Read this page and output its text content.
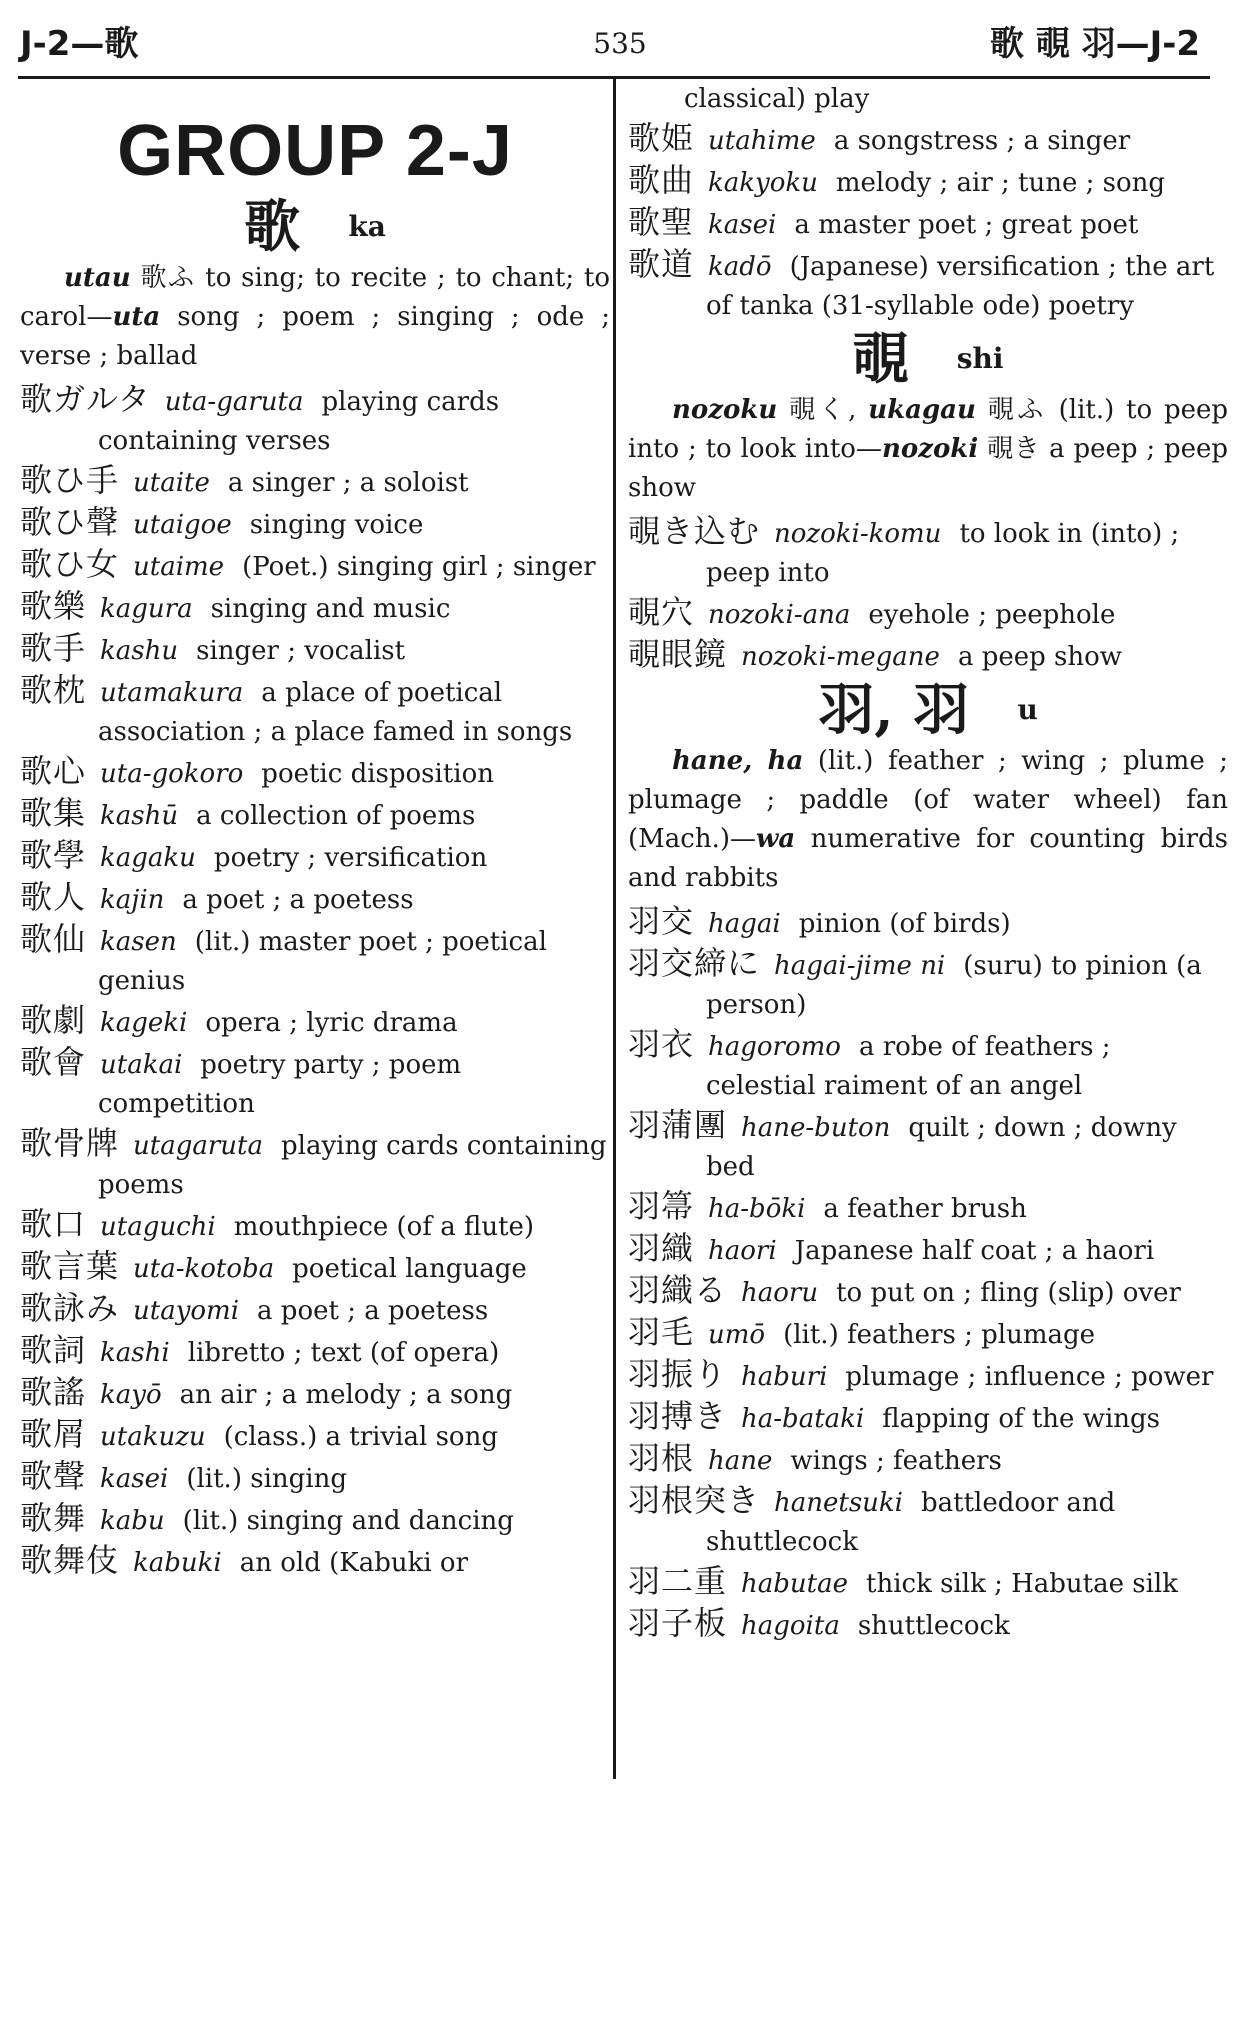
J-2—歌	535	歌 覗 羽—J-2
GROUP 2-J
歌 ka

utau 歌ふ to sing; to recite ; to chant; to carol—uta song ; poem ; singing ; ode ; verse ; ballad

歌ガルタ uta-garuta playing cards containing verses

歌ひ手 utaite a singer ; a soloist

歌ひ聲 utaigoe singing voice

歌ひ女 utaime (Poet.) singing girl ; singer

歌樂 kagura singing and music

歌手 kashu singer ; vocalist

歌枕 utamakura a place of poetical association ; a place famed in songs

歌心 uta-gokoro poetic disposition

歌集 kashū a collection of poems

歌學 kagaku poetry ; versification

歌人 kajin a poet ; a poetess

歌仙 kasen (lit.) master poet ; poetical genius

歌劇 kageki opera ; lyric drama

歌會 utakai poetry party ; poem competition

歌骨牌 utagaruta playing cards containing poems

歌口 utaguchi mouthpiece (of a flute)

歌言葉 uta-kotoba poetical language

歌詠み utayomi a poet ; a poetess

歌詞 kashi libretto ; text (of opera)

歌謠 kayō an air ; a melody ; a song

歌屑 utakuzu (class.) a trivial song

歌聲 kasei (lit.) singing

歌舞 kabu (lit.) singing and dancing

歌舞伎 kabuki an old (Kabuki or

classical) play

歌姫 utahime a songstress ; a singer

歌曲 kakyoku melody ; air ; tune ; song

歌聖 kasei a master poet ; great poet

歌道 kadō (Japanese) versification ; the art of tanka (31-syllable ode) poetry

覗 shi

nozoku 覗く, ukagau 覗ふ (lit.) to peep into ; to look into—nozoki 覗き a peep ; peep show

覗き込む nozoki-komu to look in (into) ; peep into

覗穴 nozoki-ana eyehole ; peephole

覗眼鏡 nozoki-megane a peep show

羽, 羽 u

hane, ha (lit.) feather ; wing ; plume ; plumage ; paddle (of water wheel) fan (Mach.)—wa numerative for counting birds and rabbits

羽交 hagai pinion (of birds)

羽交締に hagai-jime ni (suru) to pinion (a person)

羽衣 hagoromo a robe of feathers ; celestial raiment of an angel

羽蒲團 hane-buton quilt ; down ; downy bed

羽箒 ha-bōki a feather brush

羽織 haori Japanese half coat ; a haori

羽織る haoru to put on ; fling (slip) over

羽毛 umō (lit.) feathers ; plumage

羽振り haburi plumage ; influence ; power

羽搏き ha-bataki flapping of the wings

羽根 hane wings ; feathers

羽根突き hanetsuki battledoor and shuttlecock

羽二重 habutae thick silk ; Habutae silk

羽子板 hagoita shuttlecock
